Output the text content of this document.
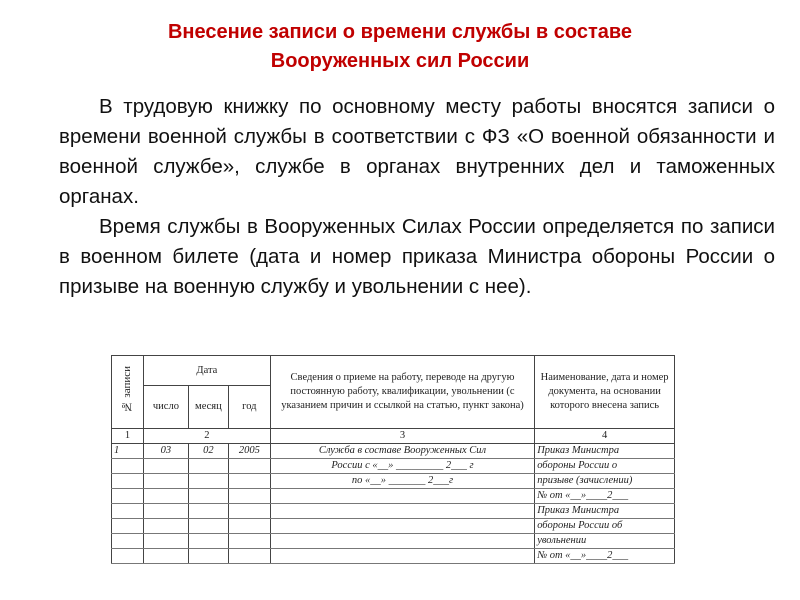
Внесение записи о времени службы в составе
Вооруженных сил России

В трудовую книжку по основному месту работы вносятся записи о времени военной службы в соответствии с ФЗ «О военной обязанности и военной службе», службе в органах внутренних дел и таможенных органах.

Время службы в Вооруженных Силах России определяется по записи в военном билете (дата и номер приказа Министра обороны России о призыве на военную службу и увольнении с нее).

№ записи	Дата			Сведения о приеме на работу, переводе на другую постоянную работу, квалификации, увольнении (с указанием причин и ссылкой на статью, пункт закона)	Наименование, дата и номер документа, на основании которого внесена запись
	число	месяц	год		
1	2			3	4
1	03	02	2005	Служба в составе Вооруженных Сил	Приказ Министра
				России с «__» _________ 2___ г	обороны России о
				по «__» _______ 2___г	призыве (зачислении)
					№ от «__»____2___
					Приказ Министра
					обороны России об
					увольнении
					№ от «__»____2___
